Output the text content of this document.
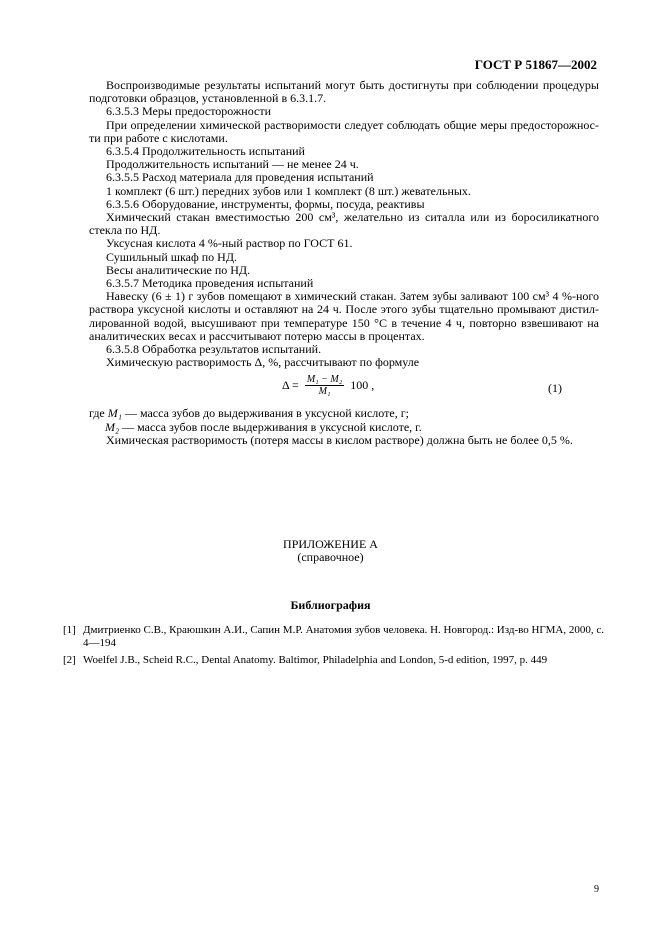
ГОСТ Р 51867—2002

Воспроизводимые результаты испытаний могут быть достигнуты при соблюдении процедуры подготовки образцов, установленной в 6.3.1.7.

6.3.5.3 Меры предосторожности

При определении химической растворимости следует соблюдать общие меры предосторожнос-ти при работе с кислотами.

6.3.5.4 Продолжительность испытаний

Продолжительность испытаний — не менее 24 ч.

6.3.5.5 Расход материала для проведения испытаний

1 комплект (6 шт.) передних зубов или 1 комплект (8 шт.) жевательных.

6.3.5.6 Оборудование, инструменты, формы, посуда, реактивы

Химический стакан вместимостью 200 см³, желательно из ситалла или из боросиликатного стекла по НД.

Уксусная кислота 4 %-ный раствор по ГОСТ 61.

Сушильный шкаф по НД.

Весы аналитические по НД.

6.3.5.7 Методика проведения испытаний

Навеску (6 ± 1) г зубов помещают в химический стакан. Затем зубы заливают 100 см³ 4 %-ного раствора уксусной кислоты и оставляют на 24 ч. После этого зубы тщательно промывают дистил-лированной водой, высушивают при температуре 150 °С в течение 4 ч, повторно взвешивают на аналитических весах и рассчитывают потерю массы в процентах.

6.3.5.8 Обработка результатов испытаний.

Химическую растворимость Δ, %, рассчитывают по формуле

$\Delta = \frac{\text{M₁ − M₂}}{\text{M₁}} 100$ ,	(1)
где M₁ — масса зубов до выдерживания в уксусной кислоте, г;
M₂ — масса зубов после выдерживания в уксусной кислоте, г.

Химическая растворимость (потеря массы в кислом растворе) должна быть не более 0,5 %.

ПРИЛОЖЕНИЕ А
(справочное)
Библиография
[1] Дмитриенко С.В., Краюшкин А.И., Сапин М.Р. Анатомия зубов человека. Н. Новгород.: Изд-во НГМА, 2000, с. 4—194
[2] Woelfel J.B., Scheid R.C., Dental Anatomy. Baltimor, Philadelphia and London, 5-d edition, 1997, p. 449
9
